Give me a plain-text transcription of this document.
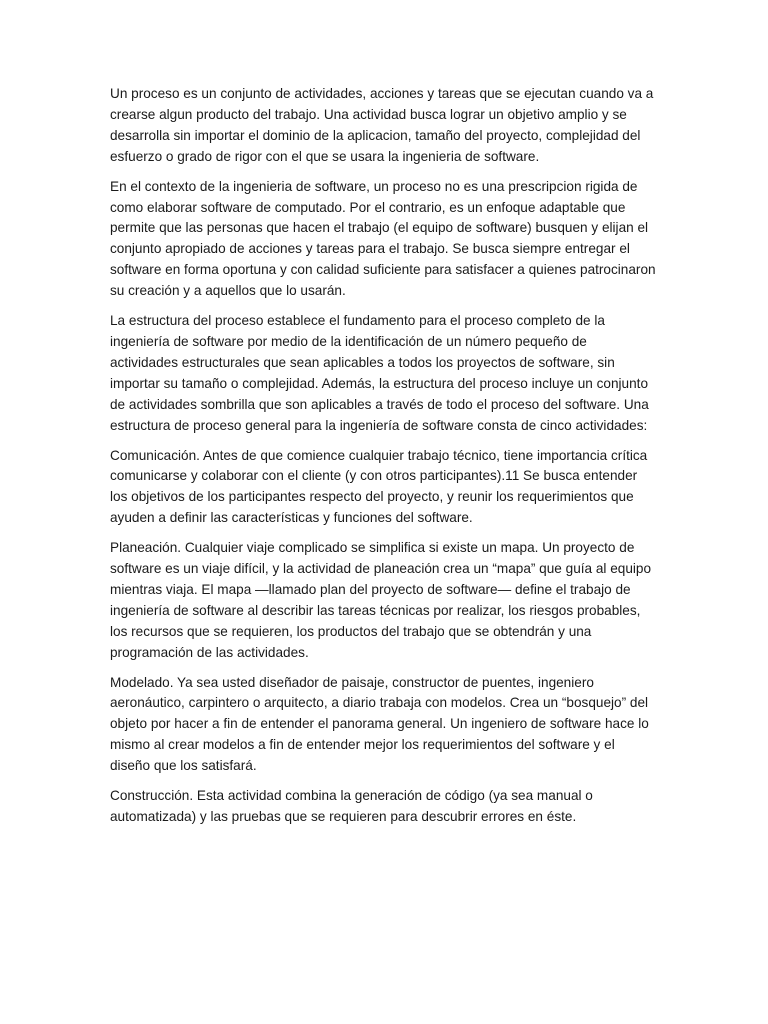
Un proceso es un conjunto de actividades, acciones y tareas que se ejecutan cuando va a crearse algun producto del trabajo. Una actividad busca lograr un objetivo amplio y se desarrolla sin importar el dominio de la aplicacion, tamaño del proyecto, complejidad del esfuerzo o grado de rigor con el que se usara la ingenieria de software.

En el contexto de la ingenieria de software, un proceso no es una prescripcion rigida de como elaborar software de computado. Por el contrario, es un enfoque adaptable que permite que las personas que hacen el trabajo (el equipo de software) busquen y elijan el conjunto apropiado de acciones y tareas para el trabajo. Se busca siempre entregar el software en forma oportuna y con calidad suficiente para satisfacer a quienes patrocinaron su creación y a aquellos que lo usarán.

La estructura del proceso establece el fundamento para el proceso completo de la ingeniería de software por medio de la identificación de un número pequeño de actividades estructurales que sean aplicables a todos los proyectos de software, sin importar su tamaño o complejidad. Además, la estructura del proceso incluye un conjunto de actividades sombrilla que son aplicables a través de todo el proceso del software. Una estructura de proceso general para la ingeniería de software consta de cinco actividades:

Comunicación. Antes de que comience cualquier trabajo técnico, tiene importancia crítica comunicarse y colaborar con el cliente (y con otros participantes).11 Se busca entender los objetivos de los participantes respecto del proyecto, y reunir los requerimientos que ayuden a definir las características y funciones del software.

Planeación. Cualquier viaje complicado se simplifica si existe un mapa. Un proyecto de software es un viaje difícil, y la actividad de planeación crea un “mapa” que guía al equipo mientras viaja. El mapa —llamado plan del proyecto de software— define el trabajo de ingeniería de software al describir las tareas técnicas por realizar, los riesgos probables, los recursos que se requieren, los productos del trabajo que se obtendrán y una programación de las actividades.

Modelado. Ya sea usted diseñador de paisaje, constructor de puentes, ingeniero aeronáutico, carpintero o arquitecto, a diario trabaja con modelos. Crea un “bosquejo” del objeto por hacer a fin de entender el panorama general. Un ingeniero de software hace lo mismo al crear modelos a fin de entender mejor los requerimientos del software y el diseño que los satisfará.

Construcción. Esta actividad combina la generación de código (ya sea manual o automatizada) y las pruebas que se requieren para descubrir errores en éste.
